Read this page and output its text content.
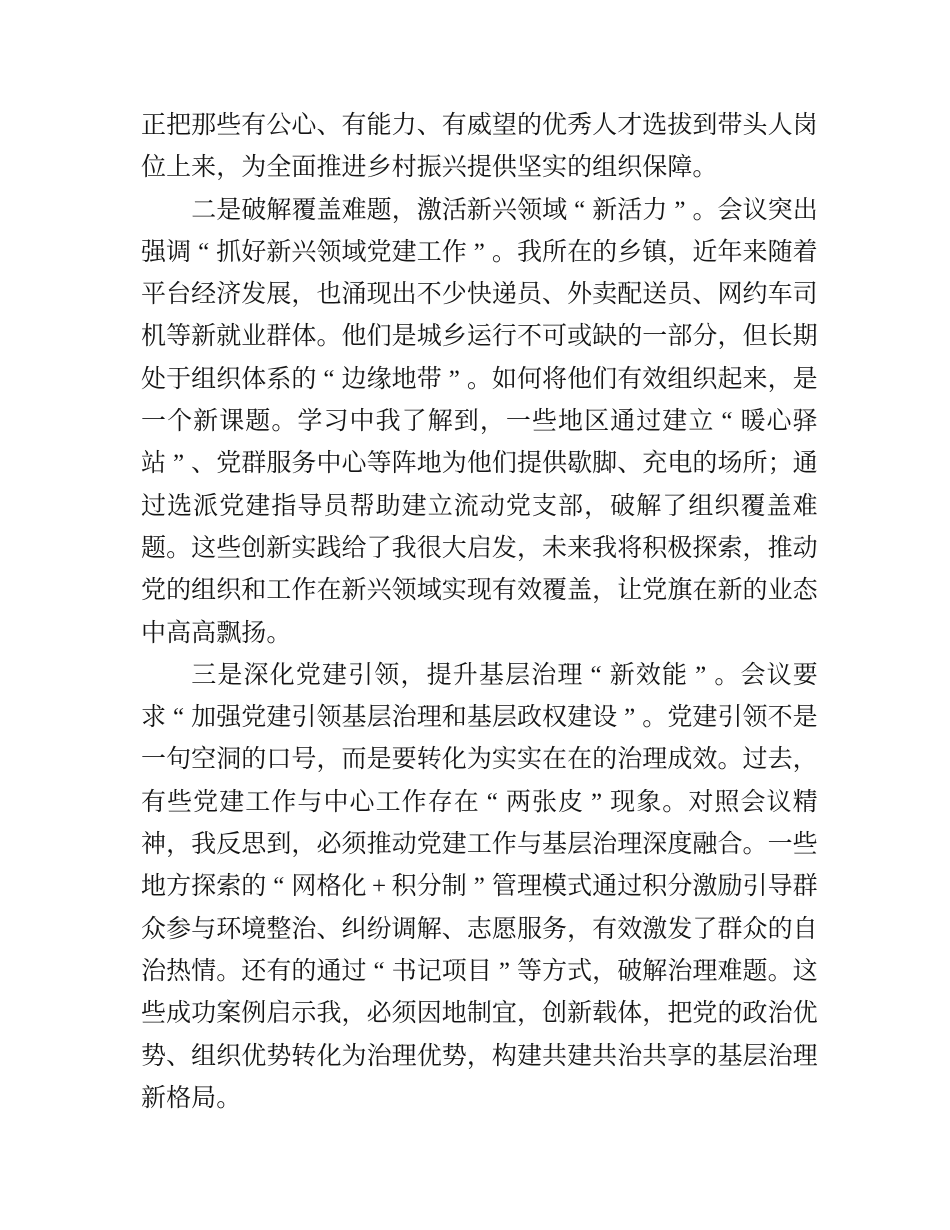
正 把 那 些 有 公 心 、 有 能 力 、 有 威 望 的 优 秀 人 才 选 拔 到 带 头 人 岗
位 上 来 ， 为 全 面 推 进 乡 村 振 兴 提 供 坚 实 的 组 织 保 障 。
二 是 破 解 覆 盖 难 题 ， 激 活 新 兴 领 域 “ 新 活 力 ” 。 会 议 突 出
强 调 “ 抓 好 新 兴 领 域 党 建 工 作 ” 。 我 所 在 的 乡 镇 ， 近 年 来 随 着
平 台 经 济 发 展 ， 也 涌 现 出 不 少 快 递 员 、 外 卖 配 送 员 、 网 约 车 司
机 等 新 就 业 群 体 。 他 们 是 城 乡 运 行 不 可 或 缺 的 一 部 分 ， 但 长 期
处 于 组 织 体 系 的 “ 边 缘 地 带 ” 。 如 何 将 他 们 有 效 组 织 起 来 ， 是
一 个 新 课 题 。 学 习 中 我 了 解 到 ， 一 些 地 区 通 过 建 立 “ 暖 心 驿
站 ” 、 党 群 服 务 中 心 等 阵 地 为 他 们 提 供 歇 脚 、 充 电 的 场 所 ； 通
过 选 派 党 建 指 导 员 帮 助 建 立 流 动 党 支 部 ， 破 解 了 组 织 覆 盖 难
题 。 这 些 创 新 实 践 给 了 我 很 大 启 发 ， 未 来 我 将 积 极 探 索 ， 推 动
党 的 组 织 和 工 作 在 新 兴 领 域 实 现 有 效 覆 盖 ， 让 党 旗 在 新 的 业 态
中 高 高 飘 扬 。
三 是 深 化 党 建 引 领 ， 提 升 基 层 治 理 “ 新 效 能 ” 。 会 议 要
求 “ 加 强 党 建 引 领 基 层 治 理 和 基 层 政 权 建 设 ” 。 党 建 引 领 不 是
一 句 空 洞 的 口 号 ， 而 是 要 转 化 为 实 实 在 在 的 治 理 成 效 。 过 去 ，
有 些 党 建 工 作 与 中 心 工 作 存 在 “ 两 张 皮 ” 现 象 。 对 照 会 议 精
神 ， 我 反 思 到 ， 必 须 推 动 党 建 工 作 与 基 层 治 理 深 度 融 合 。 一 些
地 方 探 索 的 “ 网 格 化 + 积 分 制 ” 管 理 模 式 通 过 积 分 激 励 引 导 群
众 参 与 环 境 整 治 、 纠 纷 调 解 、 志 愿 服 务 ， 有 效 激 发 了 群 众 的 自
治 热 情 。 还 有 的 通 过 “ 书 记 项 目 ” 等 方 式 ， 破 解 治 理 难 题 。 这
些 成 功 案 例 启 示 我 ， 必 须 因 地 制 宜 ， 创 新 载 体 ， 把 党 的 政 治 优
势 、 组 织 优 势 转 化 为 治 理 优 势 ， 构 建 共 建 共 治 共 享 的 基 层 治 理
新 格 局 。
